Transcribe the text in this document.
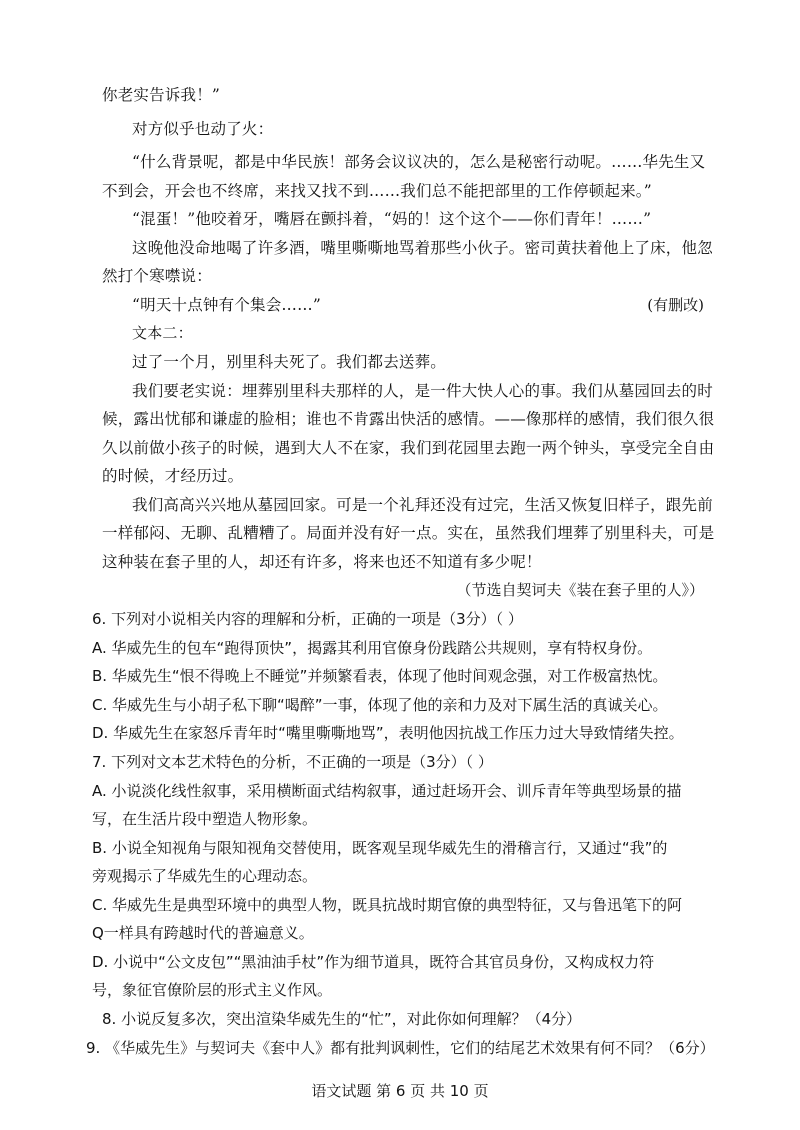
你老实告诉我！”
对方似乎也动了火：
“什么背景呢，都是中华民族！部务会议议决的，怎么是秘密行动呢。……华先生又
不到会，开会也不终席，来找又找不到……我们总不能把部里的工作停顿起来。”
“混蛋！”他咬着牙，嘴唇在颤抖着，“妈的！这个这个——你们青年！……”
这晚他没命地喝了许多酒，嘴里嘶嘶地骂着那些小伙子。密司黄扶着他上了床，他忽
然打个寒噤说：
“明天十点钟有个集会……”	(有删改)
文本二：
过了一个月，别里科夫死了。我们都去送葬。
我们要老实说：埋葬别里科夫那样的人，是一件大快人心的事。我们从墓园回去的时
候，露出忧郁和谦虚的脸相；谁也不肯露出快活的感情。——像那样的感情，我们很久很
久以前做小孩子的时候，遇到大人不在家，我们到花园里去跑一两个钟头，享受完全自由
的时候，才经历过。
我们高高兴兴地从墓园回家。可是一个礼拜还没有过完，生活又恢复旧样子，跟先前
一样郁闷、无聊、乱糟糟了。局面并没有好一点。实在，虽然我们埋葬了别里科夫，可是
这种装在套子里的人，却还有许多，将来也还不知道有多少呢！
（节选自契诃夫《装在套子里的人》）
6. 下列对小说相关内容的理解和分析，正确的一项是（3分）（ ）
A. 华威先生的包车“跑得顶快”，揭露其利用官僚身份践踏公共规则，享有特权身份。
B. 华威先生“恨不得晚上不睡觉”并频繁看表，体现了他时间观念强，对工作极富热忱。
C. 华威先生与小胡子私下聊“喝醉”一事，体现了他的亲和力及对下属生活的真诚关心。
D. 华威先生在家怒斥青年时“嘴里嘶嘶地骂”，表明他因抗战工作压力过大导致情绪失控。
7. 下列对文本艺术特色的分析，不正确的一项是（3分）（ ）
A. 小说淡化线性叙事，采用横断面式结构叙事，通过赶场开会、训斥青年等典型场景的描
写，在生活片段中塑造人物形象。
B. 小说全知视角与限知视角交替使用，既客观呈现华威先生的滑稽言行，又通过“我”的
旁观揭示了华威先生的心理动态。
C. 华威先生是典型环境中的典型人物，既具抗战时期官僚的典型特征，又与鲁迅笔下的阿
Q一样具有跨越时代的普遍意义。
D. 小说中“公文皮包”“黑油油手杖”作为细节道具，既符合其官员身份，又构成权力符
号，象征官僚阶层的形式主义作风。
8. 小说反复多次，突出渲染华威先生的“忙”，对此你如何理解？（4分）
9. 《华威先生》与契诃夫《套中人》都有批判讽刺性，它们的结尾艺术效果有何不同？（6分）
语文试题 第 6 页 共 10 页
